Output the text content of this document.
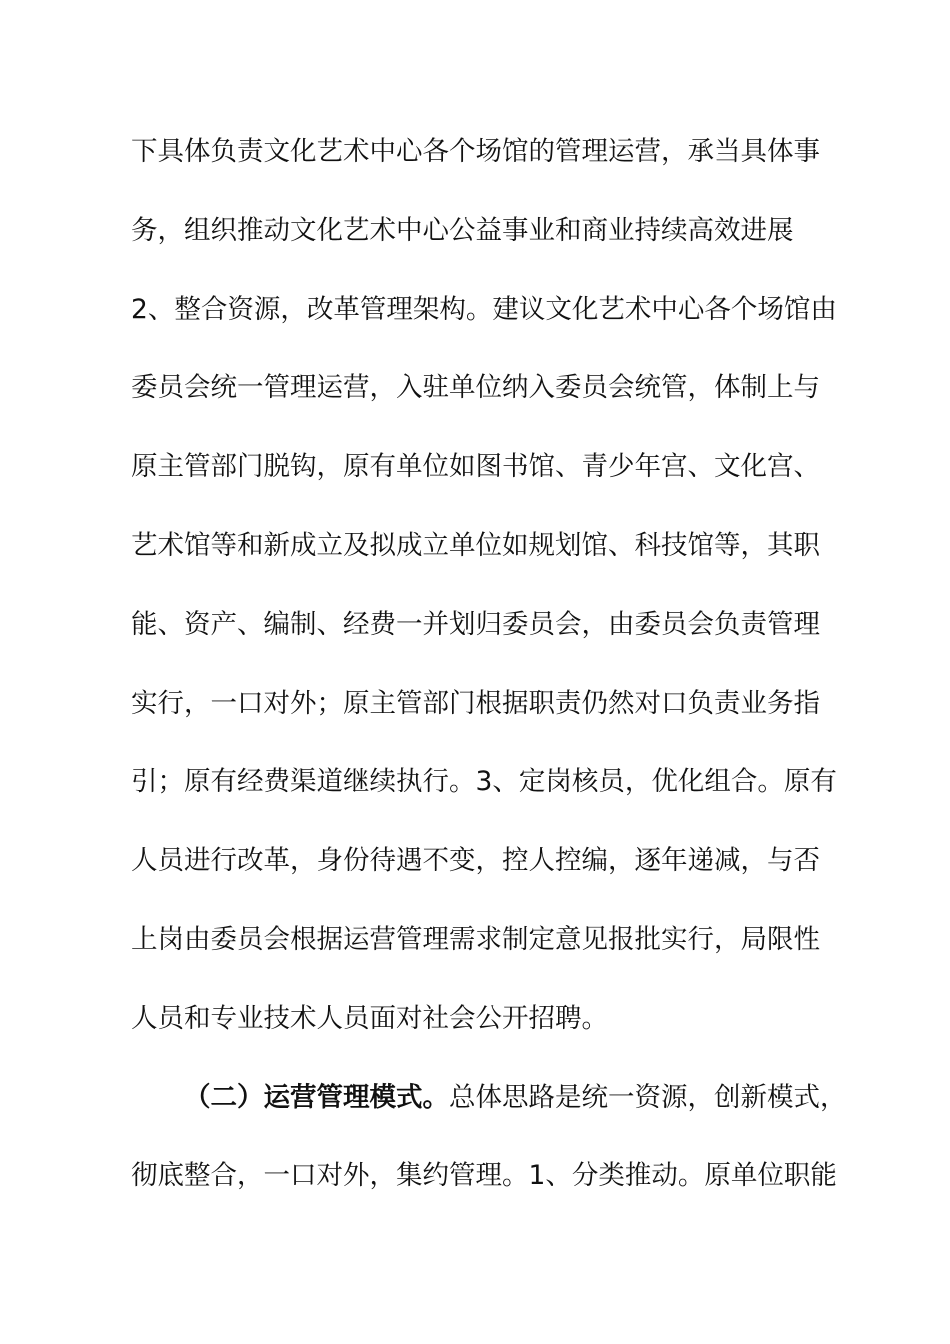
下具体负责文化艺术中心各个场馆的管理运营，承当具体事
务，组织推动文化艺术中心公益事业和商业持续高效进展
2、整合资源，改革管理架构。建议文化艺术中心各个场馆由
委员会统一管理运营，入驻单位纳入委员会统管，体制上与
原主管部门脱钩，原有单位如图书馆、青少年宫、文化宫、
艺术馆等和新成立及拟成立单位如规划馆、科技馆等，其职
能、资产、编制、经费一并划归委员会，由委员会负责管理
实行，一口对外；原主管部门根据职责仍然对口负责业务指
引；原有经费渠道继续执行。3、定岗核员，优化组合。原有
人员进行改革，身份待遇不变，控人控编，逐年递减，与否
上岗由委员会根据运营管理需求制定意见报批实行，局限性
人员和专业技术人员面对社会公开招聘。
（二）运营管理模式。总体思路是统一资源，创新模式，
彻底整合，一口对外，集约管理。1、分类推动。原单位职能
